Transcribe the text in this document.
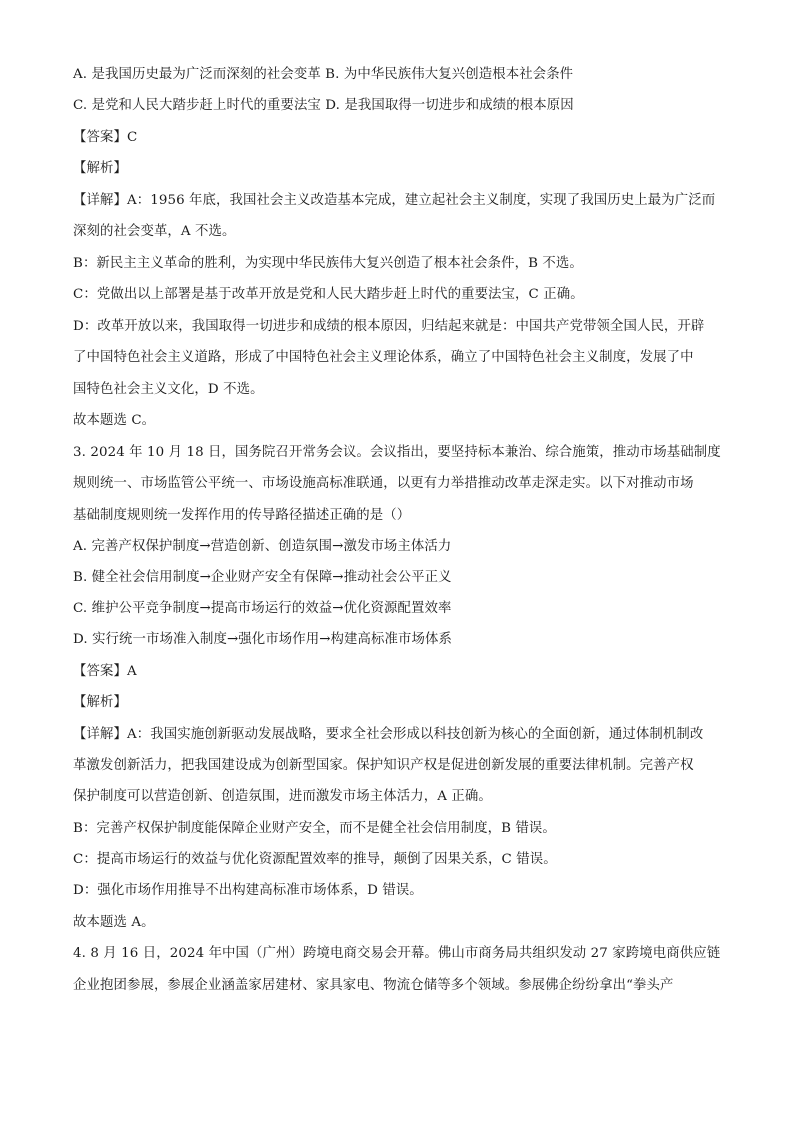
A. 是我国历史最为广泛而深刻的社会变革 B. 为中华民族伟大复兴创造根本社会条件
C. 是党和人民大踏步赶上时代的重要法宝 D. 是我国取得一切进步和成绩的根本原因
【答案】C
【解析】
【详解】A：1956 年底，我国社会主义改造基本完成，建立起社会主义制度，实现了我国历史上最为广泛而
深刻的社会变革，A 不选。
B：新民主主义革命的胜利，为实现中华民族伟大复兴创造了根本社会条件，B 不选。
C：党做出以上部署是基于改革开放是党和人民大踏步赶上时代的重要法宝，C 正确。
D：改革开放以来，我国取得一切进步和成绩的根本原因，归结起来就是：中国共产党带领全国人民，开辟
了中国特色社会主义道路，形成了中国特色社会主义理论体系，确立了中国特色社会主义制度，发展了中
国特色社会主义文化，D 不选。
故本题选 C。
3. 2024 年 10 月 18 日，国务院召开常务会议。会议指出，要坚持标本兼治、综合施策，推动市场基础制度
规则统一、市场监管公平统一、市场设施高标准联通，以更有力举措推动改革走深走实。以下对推动市场
基础制度规则统一发挥作用的传导路径描述正确的是（）
A. 完善产权保护制度→营造创新、创造氛围→激发市场主体活力
B. 健全社会信用制度→企业财产安全有保障→推动社会公平正义
C. 维护公平竞争制度→提高市场运行的效益→优化资源配置效率
D. 实行统一市场准入制度→强化市场作用→构建高标准市场体系
【答案】A
【解析】
【详解】A：我国实施创新驱动发展战略，要求全社会形成以科技创新为核心的全面创新，通过体制机制改
革激发创新活力，把我国建设成为创新型国家。保护知识产权是促进创新发展的重要法律机制。完善产权
保护制度可以营造创新、创造氛围，进而激发市场主体活力，A 正确。
B：完善产权保护制度能保障企业财产安全，而不是健全社会信用制度，B 错误。
C：提高市场运行的效益与优化资源配置效率的推导，颠倒了因果关系，C 错误。
D：强化市场作用推导不出构建高标准市场体系，D 错误。
故本题选 A。
4. 8 月 16 日，2024 年中国（广州）跨境电商交易会开幕。佛山市商务局共组织发动 27 家跨境电商供应链
企业抱团参展，参展企业涵盖家居建材、家具家电、物流仓储等多个领域。参展佛企纷纷拿出“拳头产
